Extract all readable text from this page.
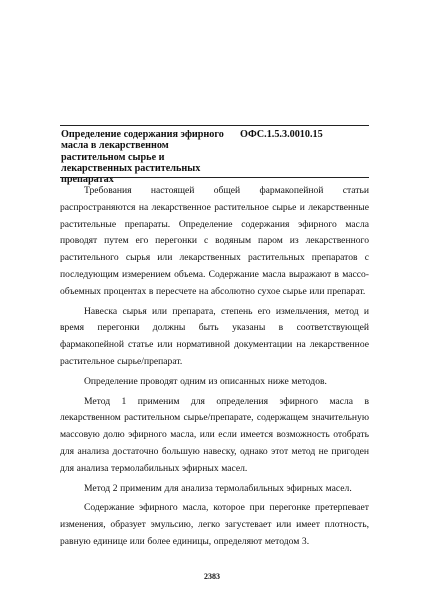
Определение содержания эфирного масла в лекарственном растительном сырье и лекарственных растительных препаратах
ОФС.1.5.3.0010.15

Требования настоящей общей фармакопейной статьи распространяются на лекарственное растительное сырье и лекарственные растительные препараты. Определение содержания эфирного масла проводят путем его перегонки с водяным паром из лекарственного растительного сырья или лекарственных растительных препаратов с последующим измерением объема. Содержание масла выражают в массо-объемных процентах в пересчете на абсолютно сухое сырье или препарат.

Навеска сырья или препарата, степень его измельчения, метод и время перегонки должны быть указаны в соответствующей фармакопейной статье или нормативной документации на лекарственное растительное сырье/препарат.

Определение проводят одним из описанных ниже методов.

Метод 1 применим для определения эфирного масла в лекарственном растительном сырье/препарате, содержащем значительную массовую долю эфирного масла, или если имеется возможность отобрать для анализа достаточно большую навеску, однако этот метод не пригоден для анализа термолабильных эфирных масел.

Метод 2 применим для анализа термолабильных эфирных масел.

Содержание эфирного масла, которое при перегонке претерпевает изменения, образует эмульсию, легко загустевает или имеет плотность, равную единице или более единицы, определяют методом 3.

2383
